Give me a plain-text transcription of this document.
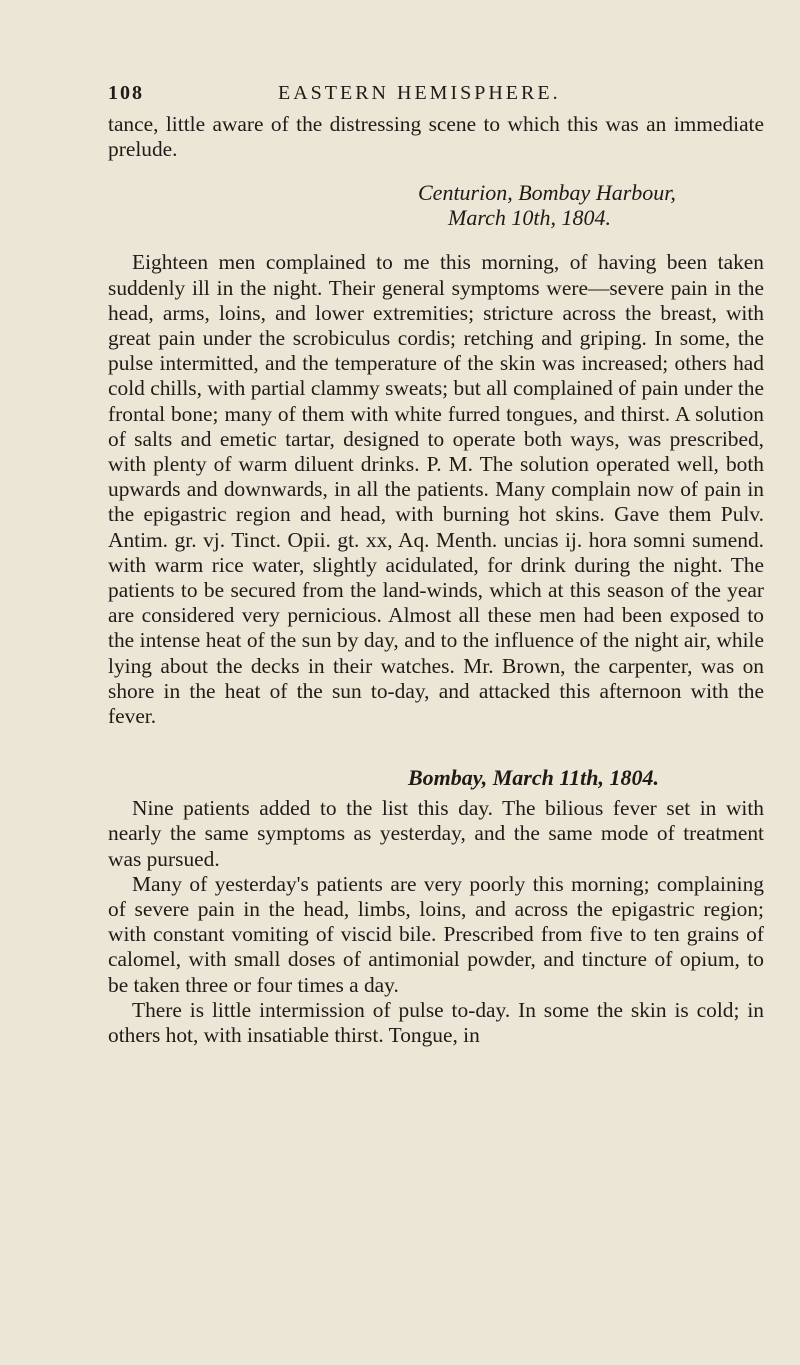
108	EASTERN HEMISPHERE.

tance, little aware of the distressing scene to which this was an immediate prelude.

Centurion, Bombay Harbour,

March 10th, 1804.

Eighteen men complained to me this morning, of having been taken suddenly ill in the night. Their general symptoms were—severe pain in the head, arms, loins, and lower extremities; stricture across the breast, with great pain under the scrobiculus cordis; retching and griping. In some, the pulse intermitted, and the temperature of the skin was increased; others had cold chills, with partial clammy sweats; but all complained of pain under the frontal bone; many of them with white furred tongues, and thirst. A solution of salts and emetic tartar, designed to operate both ways, was prescribed, with plenty of warm diluent drinks. P. M. The solution operated well, both upwards and downwards, in all the patients. Many complain now of pain in the epigastric region and head, with burning hot skins. Gave them Pulv. Antim. gr. vj. Tinct. Opii. gt. xx, Aq. Menth. uncias ij. hora somni sumend. with warm rice water, slightly acidulated, for drink during the night. The patients to be secured from the land-winds, which at this season of the year are considered very pernicious. Almost all these men had been exposed to the intense heat of the sun by day, and to the influence of the night air, while lying about the decks in their watches. Mr. Brown, the carpenter, was on shore in the heat of the sun to-day, and attacked this afternoon with the fever.

Bombay, March 11th, 1804.

Nine patients added to the list this day. The bilious fever set in with nearly the same symptoms as yesterday, and the same mode of treatment was pursued.

Many of yesterday's patients are very poorly this morning; complaining of severe pain in the head, limbs, loins, and across the epigastric region; with constant vomiting of viscid bile. Prescribed from five to ten grains of calomel, with small doses of antimonial powder, and tincture of opium, to be taken three or four times a day.

There is little intermission of pulse to-day. In some the skin is cold; in others hot, with insatiable thirst. Tongue, in
